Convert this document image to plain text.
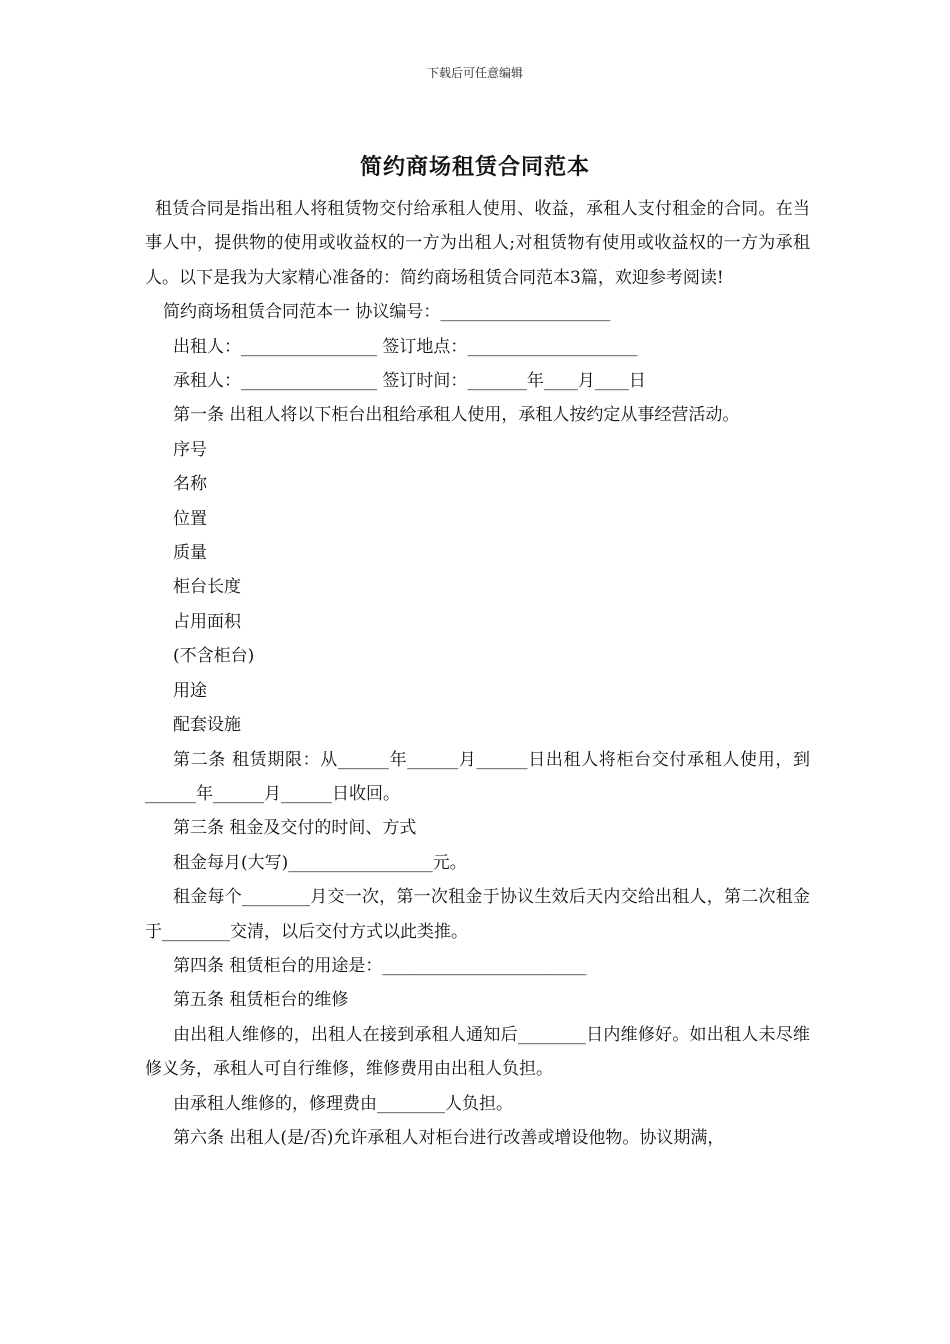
下载后可任意编辑
简约商场租赁合同范本

租赁合同是指出租人将租赁物交付给承租人使用、收益，承租人支付租金的合同。在当事人中，提供物的使用或收益权的一方为出租人;对租赁物有使用或收益权的一方为承租人。以下是我为大家精心准备的：简约商场租赁合同范本3篇，欢迎参考阅读!

简约商场租赁合同范本一 协议编号：____________________

出租人：________________ 签订地点：____________________

承租人：________________ 签订时间：_______年____月____日

第一条 出租人将以下柜台出租给承租人使用，承租人按约定从事经营活动。

序号

名称

位置

质量

柜台长度

占用面积

(不含柜台)

用途

配套设施

第二条 租赁期限：从______年______月______日出租人将柜台交付承租人使用，到______年______月______日收回。

第三条 租金及交付的时间、方式

租金每月(大写)_________________元。

租金每个________月交一次，第一次租金于协议生效后天内交给出租人，第二次租金于________交清，以后交付方式以此类推。

第四条 租赁柜台的用途是：________________________

第五条 租赁柜台的维修

由出租人维修的，出租人在接到承租人通知后________日内维修好。如出租人未尽维修义务，承租人可自行维修，维修费用由出租人负担。

由承租人维修的，修理费由________人负担。

第六条 出租人(是/否)允许承租人对柜台进行改善或增设他物。协议期满，
